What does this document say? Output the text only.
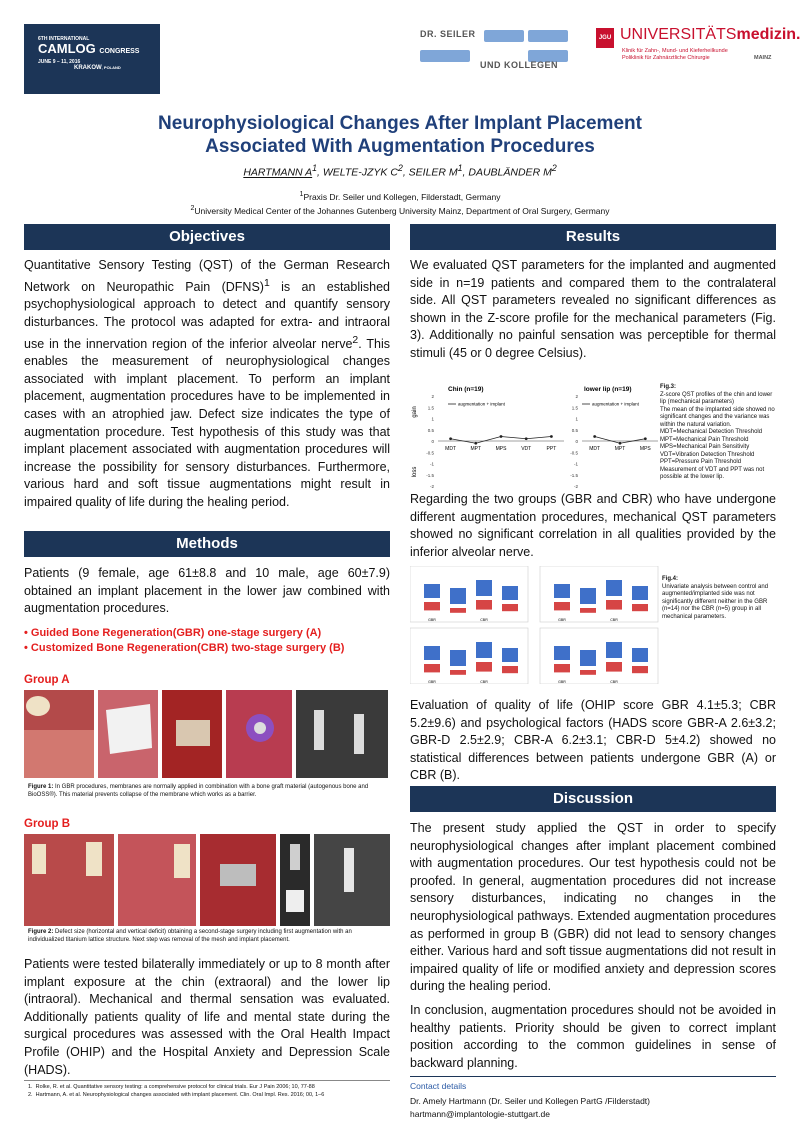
6TH INTERNATIONAL
CAMLOG CONGRESS
JUNE 9 – 11, 2016
KRAKOW, POLAND
DR. SEILER
UND KOLLEGEN
JGU UNIVERSITÄTSmedizin.
Klinik für Zahn-, Mund- und Kieferheilkunde
Poliklinik für Zahnärztliche Chirurgie	MAINZ
Neurophysiological Changes After Implant Placement
Associated With Augmentation Procedures
HARTMANN $A^1$, WELTE-JZYK $C^2$, SEILER $M^1$, DAUBLÄNDER $M^2$
$^1$Praxis Dr. Seiler und Kollegen, Filderstadt, Germany
$^2$University Medical Center of the Johannes Gutenberg University Mainz, Department of Oral Surgery, Germany
Objectives
Quantitative Sensory Testing (QST) of the German Research Network on Neuropathic Pain (DFNS)$^1$ is an established psychophysiological approach to detect and quantify sensory disturbances. The protocol was adapted for extra- and intraoral use in the innervation region of the inferior alveolar nerve$^2$. This enables the measurement of neurophysiological changes associated with implant placement. To perform an implant placement, augmentation procedures have to be implemented in cases with an atrophied jaw. Defect size indicates the type of augmentation procedure. Test hypothesis of this study was that implant placement associated with augmentation procedures will increase the possibility for sensory disturbances. Furthermore, various hard and soft tissue augmentations might result in impaired quality of life during the healing period.
Methods
Patients (9 female, age 61±8.8 and 10 male, age 60±7.9) obtained an implant placement in the lower jaw combined with augmentation procedures.
• Guided Bone Regeneration(GBR) one-stage surgery (A)
• Customized Bone Regeneration(CBR) two-stage surgery (B)
Group A
Figure 1: In GBR procedures, membranes are normally applied in combination with a bone graft material (autogenous bone and BioOSS®). This material prevents collapse of the membrane which works as a barrier.
Group B
Figure 2: Defect size (horizontal and vertical deficit) obtaining a second-stage surgery including first augmentation with an individualized titanium lattice structure. Next step was removal of the mesh and implant placement.
Patients were tested bilaterally immediately or up to 8 month after implant exposure at the chin (extraoral) and the lower lip (intraoral). Mechanical and thermal sensation was evaluated. Additionally patients quality of life and mental state during the surgical procedures was assessed with the Oral Health Impact Profile (OHIP) and the Hospital Anxiety and Depression Scale (HADS).
1. Rolke, R. et al. Quantitative sensory testing: a comprehensive protocol for clinical trials. Eur J Pain 2006; 10, 77-88
2. Hartmann, A. et al. Neurophysiological changes associated with implant placement. Clin. Oral Impl. Res. 2016; 00, 1–6
Results
We evaluated QST parameters for the implanted and augmented side in n=19 patients and compared them to the contralateral side. All QST parameters revealed no significant differences as shown in the Z-score profile for the mechanical parameters (Fig. 3). Additionally no painful sensation was perceptible for thermal stimuli (45 or 0 degree Celsius).
Chin (n=19)
2
1.5
1
0.5
0
-0.5
-1
-1.5
-2
gain
loss
MDT	MPT	MPS	VDT	PPT
augmentation + implant
lower lip (n=19)
2
1.5
1
0.5
0
-0.5
-1
-1.5
-2
MDT	MPT	MPS
augmentation + implant
Fig.3:
Z-score QST profiles of the chin and lower lip (mechanical parameters)
The mean of the implanted side showed no significant changes and the variance was within the natural variation.
MDT=Mechanical Detection Threshold
MPT=Mechanical Pain Threshold
MPS=Mechanical Pain Sensitivity
VDT=Vibration Detection Threshold
PPT=Pressure Pain Threshold
Measurement of VDT and PPT was not possible at the lower lip.
Regarding the two groups (GBR and CBR) who have undergone different augmentation procedures, mechanical QST parameters showed no significant correlation in all qualities provided by the inferior alveolar nerve.
GBR	CBR	GBR	CBR
GBR	CBR	GBR	CBR
Fig.4:
Univariate analysis between control and augmented/implanted side was not significantly different neither in the GBR (n=14) nor the CBR (n=5) group in all mechanical parameters.
Evaluation of quality of life (OHIP score GBR 4.1±5.3; CBR 5.2±9.6) and psychological factors (HADS score GBR-A 2.6±3.2; GBR-D 2.5±2.9; CBR-A 6.2±3.1; CBR-D 5±4.2) showed no statistical differences between patients undergone GBR (A) or CBR (B).
Discussion
The present study applied the QST in order to specify neurophysiological changes after implant placement combined with augmentation procedures. Our test hypothesis could not be proofed. In general, augmentation procedures did not increase sensory disturbances, indicating no changes in the neurophysiological pathways. Extended augmentation procedures as performed in group B (GBR) did not lead to sensory changes either. Various hard and soft tissue augmentations did not result in impaired quality of life or modified anxiety and depression scores during the healing period.
In conclusion, augmentation procedures should not be avoided in healthy patients. Priority should be given to correct implant position according to the common guidelines in sense of backward planning.
Contact details
Dr. Amely Hartmann (Dr. Seiler und Kollegen PartG /Filderstadt)
hartmann@implantologie-stuttgart.de
